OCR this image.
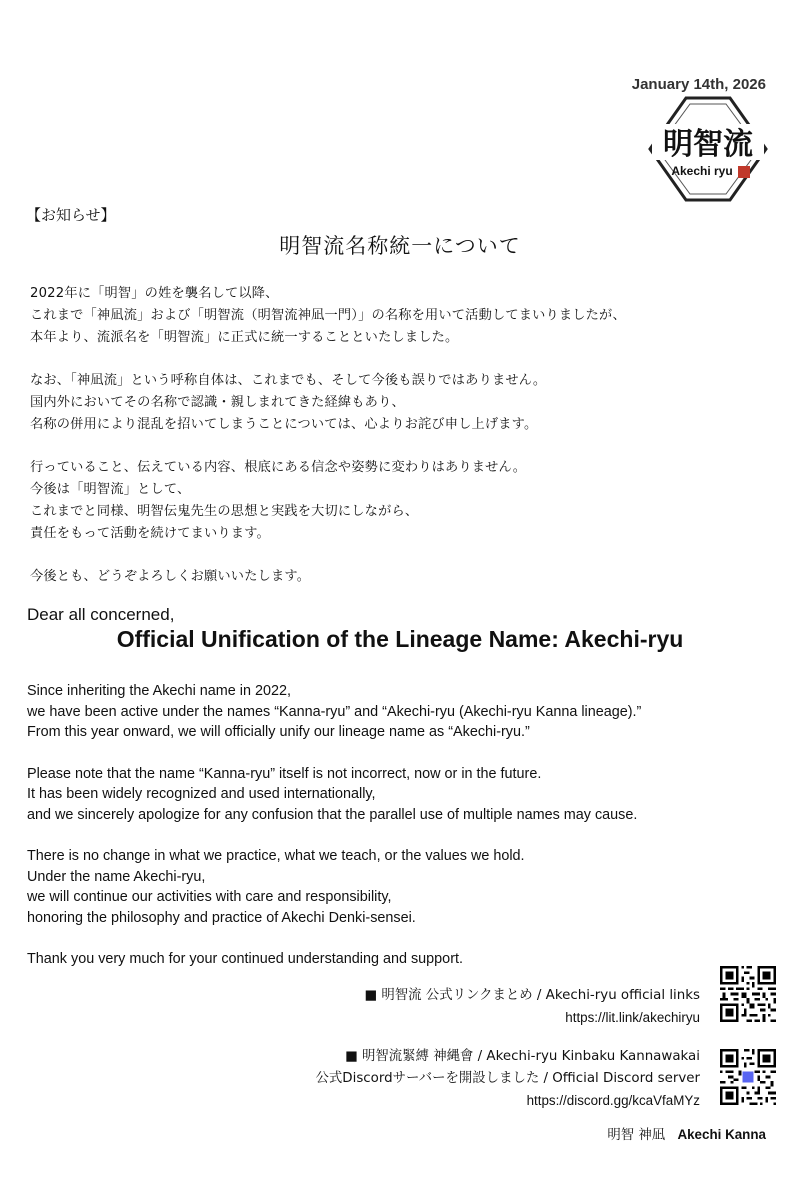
January 14th, 2026
明智流
Akechi ryu
【お知らせ】
明智流名称統一について

2022年に「明智」の姓を襲名して以降、
これまで「神凪流」および「明智流（明智流神凪一門）」の名称を用いて活動してまいりましたが、
本年より、流派名を「明智流」に正式に統一することといたしました。

なお、「神凪流」という呼称自体は、これまでも、そして今後も誤りではありません。
国内外においてその名称で認識・親しまれてきた経緯もあり、
名称の併用により混乱を招いてしまうことについては、心よりお詫び申し上げます。

行っていること、伝えている内容、根底にある信念や姿勢に変わりはありません。
今後は「明智流」として、
これまでと同様、明智伝鬼先生の思想と実践を大切にしながら、
責任をもって活動を続けてまいります。

今後とも、どうぞよろしくお願いいたします。

Dear all concerned,
Official Unification of the Lineage Name: Akechi-ryu

Since inheriting the Akechi name in 2022,
we have been active under the names “Kanna-ryu” and “Akechi-ryu (Akechi-ryu Kanna lineage).”
From this year onward, we will officially unify our lineage name as “Akechi-ryu.”

Please note that the name “Kanna-ryu” itself is not incorrect, now or in the future.
It has been widely recognized and used internationally,
and we sincerely apologize for any confusion that the parallel use of multiple names may cause.

There is no change in what we practice, what we teach, or the values we hold.
Under the name Akechi-ryu,
we will continue our activities with care and responsibility,
honoring the philosophy and practice of Akechi Denki-sensei.

Thank you very much for your continued understanding and support.

■ 明智流 公式リンクまとめ / Akechi-ryu official links
https://lit.link/akechiryu
■ 明智流緊縛 神縄會 / Akechi-ryu Kinbaku Kannawakai
公式Discordサーバーを開設しました / Official Discord server
https://discord.gg/kcaVfaMYz
明智 神凪 Akechi Kanna
